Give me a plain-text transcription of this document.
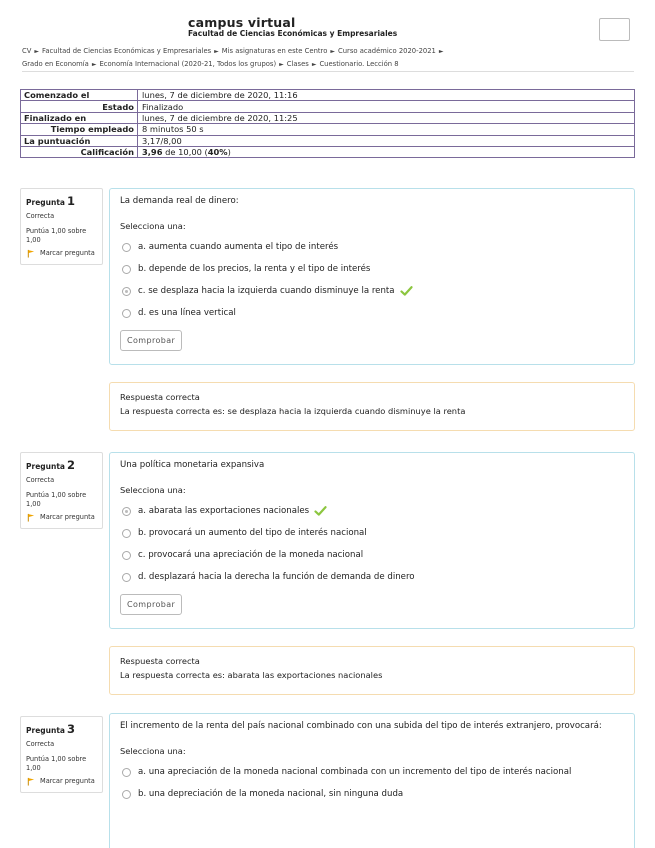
campus virtual
Facultad de Ciencias Económicas y Empresariales
CV ► Facultad de Ciencias Económicas y Empresariales ► Mis asignaturas en este Centro ► Curso académico 2020-2021 ►
Grado en Economía ► Economía Internacional (2020-21, Todos los grupos) ► Clases ► Cuestionario. Lección 8
Comenzado el	lunes, 7 de diciembre de 2020, 11:16
Estado	Finalizado
Finalizado en	lunes, 7 de diciembre de 2020, 11:25
Tiempo empleado	8 minutos 50 s
La puntuación	3,17/8,00
Calificación	3,96 de 10,00 (40%)
Pregunta 1
Correcta
Puntúa 1,00 sobre 1,00
Marcar pregunta
La demanda real de dinero:
Selecciona una:
a. aumenta cuando aumenta el tipo de interés
b. depende de los precios, la renta y el tipo de interés
c. se desplaza hacia la izquierda cuando disminuye la renta
d. es una línea vertical
Comprobar
Respuesta correcta
La respuesta correcta es: se desplaza hacia la izquierda cuando disminuye la renta
Pregunta 2
Correcta
Puntúa 1,00 sobre 1,00
Marcar pregunta
Una política monetaria expansiva
Selecciona una:
a. abarata las exportaciones nacionales
b. provocará un aumento del tipo de interés nacional
c. provocará una apreciación de la moneda nacional
d. desplazará hacia la derecha la función de demanda de dinero
Comprobar
Respuesta correcta
La respuesta correcta es: abarata las exportaciones nacionales
Pregunta 3
Correcta
Puntúa 1,00 sobre 1,00
Marcar pregunta
El incremento de la renta del país nacional combinado con una subida del tipo de interés extranjero, provocará:
Selecciona una:
a. una apreciación de la moneda nacional combinada con un incremento del tipo de interés nacional
b. una depreciación de la moneda nacional, sin ninguna duda
